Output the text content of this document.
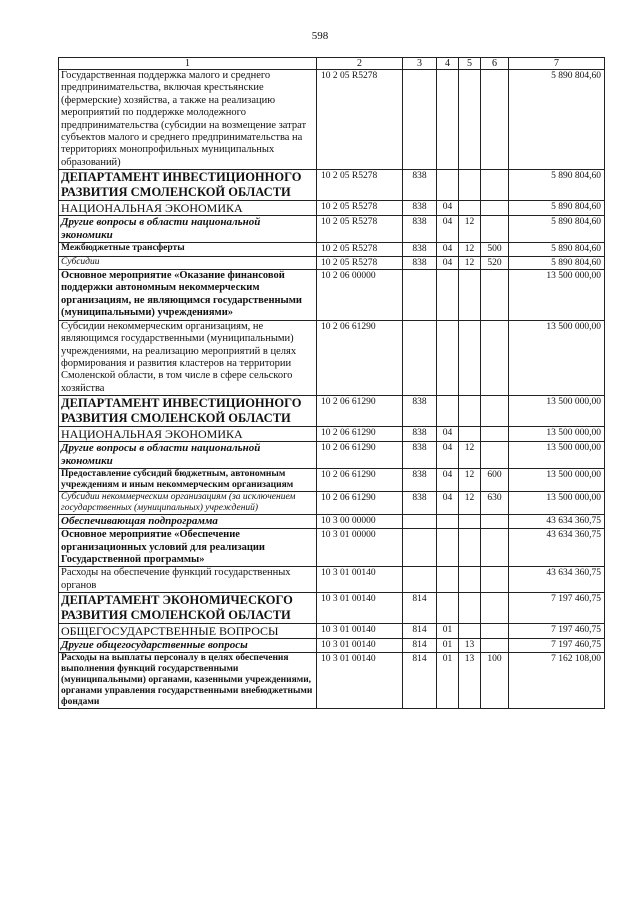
598
1	2	3	4	5	6	7
Государственная поддержка малого и среднего предпринимательства, включая крестьянские (фермерские) хозяйства, а также на реализацию мероприятий по поддержке молодежного предпринимательства (субсидии на возмещение затрат субъектов малого и среднего предпринимательства на территориях монопрофильных муниципальных образований)	10 2 05 R5278					5 890 804,60
ДЕПАРТАМЕНТ ИНВЕСТИЦИОННОГО РАЗВИТИЯ СМОЛЕНСКОЙ ОБЛАСТИ	10 2 05 R5278	838				5 890 804,60
НАЦИОНАЛЬНАЯ ЭКОНОМИКА	10 2 05 R5278	838	04			5 890 804,60
Другие вопросы в области национальной экономики	10 2 05 R5278	838	04	12		5 890 804,60
Межбюджетные трансферты	10 2 05 R5278	838	04	12	500	5 890 804,60
Субсидии	10 2 05 R5278	838	04	12	520	5 890 804,60
Основное мероприятие «Оказание финансовой поддержки автономным некоммерческим организациям, не являющимся государственными (муниципальными) учреждениями»	10 2 06 00000					13 500 000,00
Субсидии некоммерческим организациям, не являющимся государственными (муниципальными) учреждениями, на реализацию мероприятий в целях формирования и развития кластеров на территории Смоленской области, в том числе в сфере сельского хозяйства	10 2 06 61290					13 500 000,00
ДЕПАРТАМЕНТ ИНВЕСТИЦИОННОГО РАЗВИТИЯ СМОЛЕНСКОЙ ОБЛАСТИ	10 2 06 61290	838				13 500 000,00
НАЦИОНАЛЬНАЯ ЭКОНОМИКА	10 2 06 61290	838	04			13 500 000,00
Другие вопросы в области национальной экономики	10 2 06 61290	838	04	12		13 500 000,00
Предоставление субсидий бюджетным, автономным учреждениям и иным некоммерческим организациям	10 2 06 61290	838	04	12	600	13 500 000,00
Субсидии некоммерческим организациям (за исключением государственных (муниципальных) учреждений)	10 2 06 61290	838	04	12	630	13 500 000,00
Обеспечивающая подпрограмма	10 3 00 00000					43 634 360,75
Основное мероприятие «Обеспечение организационных условий для реализации Государственной программы»	10 3 01 00000					43 634 360,75
Расходы на обеспечение функций государственных органов	10 3 01 00140					43 634 360,75
ДЕПАРТАМЕНТ ЭКОНОМИЧЕСКОГО РАЗВИТИЯ СМОЛЕНСКОЙ ОБЛАСТИ	10 3 01 00140	814				7 197 460,75
ОБЩЕГОСУДАРСТВЕННЫЕ ВОПРОСЫ	10 3 01 00140	814	01			7 197 460,75
Другие общегосударственные вопросы	10 3 01 00140	814	01	13		7 197 460,75
Расходы на выплаты персоналу в целях обеспечения выполнения функций государственными (муниципальными) органами, казенными учреждениями, органами управления государственными внебюджетными фондами	10 3 01 00140	814	01	13	100	7 162 108,00
